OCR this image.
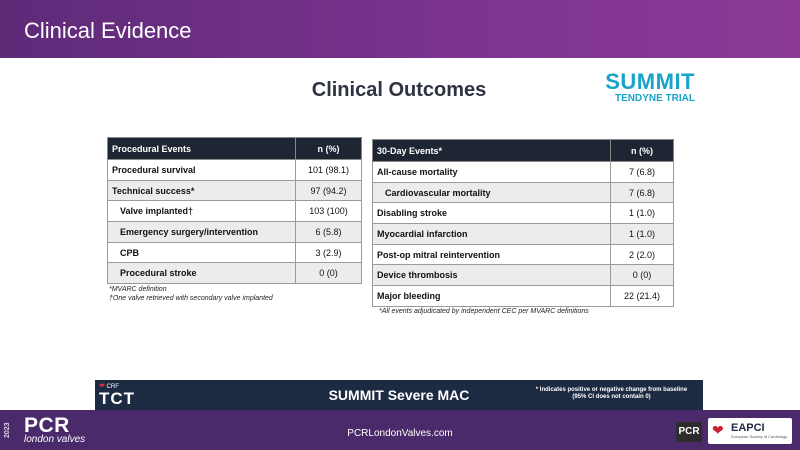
Clinical Evidence
Clinical Outcomes	SUMMIT
TENDYNE TRIAL
Procedural Events	n (%)
Procedural survival	101 (98.1)
Technical success*	97 (94.2)
Valve implanted†	103 (100)
Emergency surgery/intervention	6 (5.8)
CPB	3 (2.9)
Procedural stroke	0 (0)
*MVARC definition
†One valve retrieved with secondary valve implanted
30-Day Events*	n (%)
All-cause mortality	7 (6.8)
Cardiovascular mortality	7 (6.8)
Disabling stroke	1 (1.0)
Myocardial infarction	1 (1.0)
Post-op mitral reintervention	2 (2.0)
Device thrombosis	0 (0)
Major bleeding	22 (21.4)
*All events adjudicated by independent CEC per MVARC definitions
❤ CRF
TCT	SUMMIT Severe MAC	* Indicates positive or negative change from baseline
(95% CI does not contain 0)
2023 PCR
london valves
PCRLondonValves.com	PCR ❤ EAPCI
European Society of Cardiology
